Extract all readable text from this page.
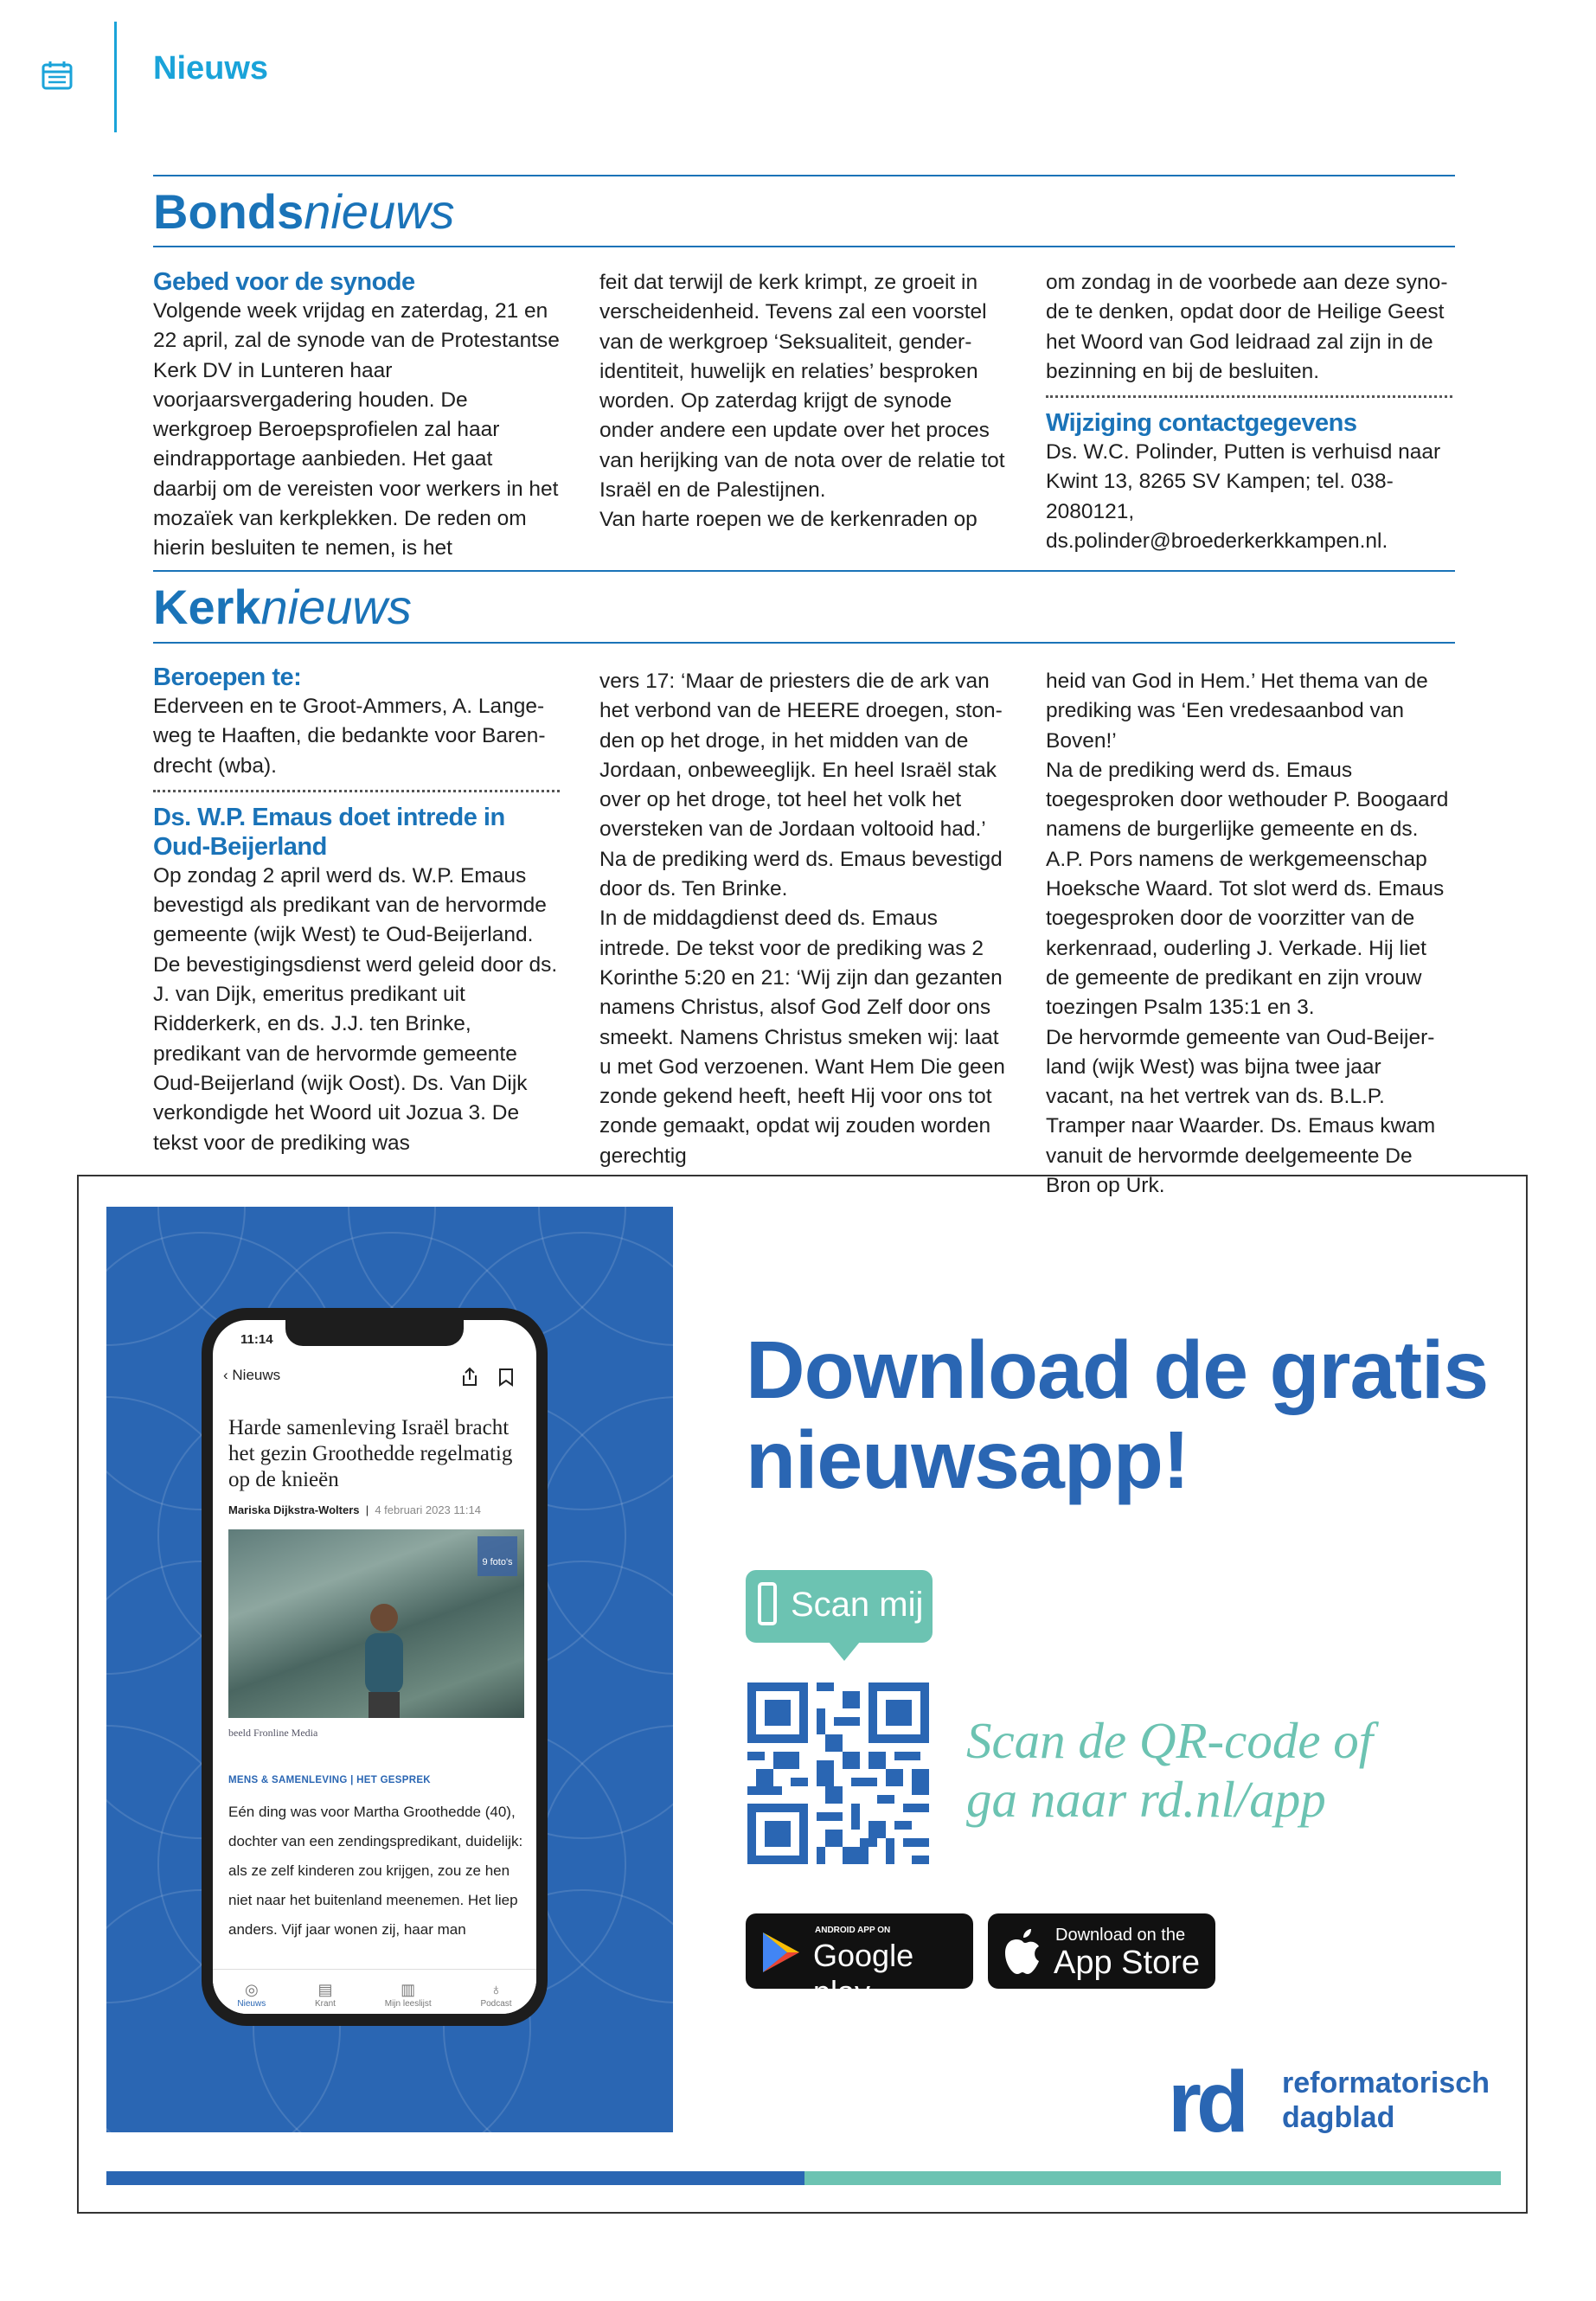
Nieuws
Bondsnieuws
Gebed voor de synode

Volgende week vrijdag en zaterdag, 21 en 22 april, zal de synode van de Protestantse Kerk DV in Lunteren haar voorjaarsvergadering houden. De werkgroep Beroepsprofielen zal haar eindrapportage aanbieden. Het gaat daarbij om de vereisten voor werkers in het mozaïek van kerkplekken. De reden om hierin besluiten te nemen, is het

feit dat terwijl de kerk krimpt, ze groeit in verscheidenheid. Tevens zal een voorstel van de werkgroep ‘Seksualiteit, genderidentiteit, huwelijk en relaties’ besproken worden. Op zaterdag krijgt de synode onder andere een update over het proces van herijking van de nota over de relatie tot Israël en de Palestijnen.

Van harte roepen we de kerkenraden op

om zondag in de voorbede aan deze synode te denken, opdat door de Heilige Geest het Woord van God leidraad zal zijn in de bezinning en bij de besluiten.

Wijziging contactgegevens

Ds. W.C. Polinder, Putten is verhuisd naar Kwint 13, 8265 SV Kampen; tel. 038-2080121, ds.polinder@broederkerkkampen.nl.

Kerknieuws
Beroepen te:

Ederveen en te Groot-Ammers, A. Langeweg te Haaften, die bedankte voor Barendrecht (wba).

Ds. W.P. Emaus doet intrede in Oud-Beijerland

Op zondag 2 april werd ds. W.P. Emaus bevestigd als predikant van de hervormde gemeente (wijk West) te Oud-Beijerland. De bevestigingsdienst werd geleid door ds. J. van Dijk, emeritus predikant uit Ridderkerk, en ds. J.J. ten Brinke, predikant van de hervormde gemeente Oud-Beijerland (wijk Oost). Ds. Van Dijk verkondigde het Woord uit Jozua 3. De tekst voor de prediking was

vers 17: ‘Maar de priesters die de ark van het verbond van de HEERE droegen, stonden op het droge, in het midden van de Jordaan, onbeweeglijk. En heel Israël stak over op het droge, tot heel het volk het oversteken van de Jordaan voltooid had.’

Na de prediking werd ds. Emaus bevestigd door ds. Ten Brinke.

In de middagdienst deed ds. Emaus intrede. De tekst voor de prediking was 2 Korinthe 5:20 en 21: ‘Wij zijn dan gezanten namens Christus, alsof God Zelf door ons smeekt. Namens Christus smeken wij: laat u met God verzoenen. Want Hem Die geen zonde gekend heeft, heeft Hij voor ons tot zonde gemaakt, opdat wij zouden worden gerechtig

heid van God in Hem.’ Het thema van de prediking was ‘Een vredesaanbod van Boven!’

Na de prediking werd ds. Emaus toegesproken door wethouder P. Boogaard namens de burgerlijke gemeente en ds. A.P. Pors namens de werkgemeenschap Hoeksche Waard. Tot slot werd ds. Emaus toegesproken door de voorzitter van de kerkenraad, ouderling J. Verkade. Hij liet de gemeente de predikant en zijn vrouw toezingen Psalm 135:1 en 3.

De hervormde gemeente van Oud-Beijerland (wijk West) was bijna twee jaar vacant, na het vertrek van ds. B.L.P. Tramper naar Waarder. Ds. Emaus kwam vanuit de hervormde deelgemeente De Bron op Urk.

11:14
‹ Nieuws
Harde samenleving Israël bracht het gezin Groothedde regelmatig op de knieën
Mariska Dijkstra-Wolters  |  4 februari 2023 11:14
9 foto's
beeld Fronline Media
MENS & SAMENLEVING | HET GESPREK
Eén ding was voor Martha Groothedde (40), dochter van een zendingspredikant, duidelijk: als ze zelf kinderen zou krijgen, zou ze hen niet naar het buitenland meenemen. Het liep anders. Vijf jaar wonen zij, haar man
◎
Nieuws
▤
Krant
▥
Mijn leeslijst
♁
Podcast
Download de gratis nieuwsapp!
Scan mij
Scan de QR-code of
ga naar rd.nl/app
ANDROID APP ON
Google play
Download on the
App Store
rd reformatorisch
dagblad
